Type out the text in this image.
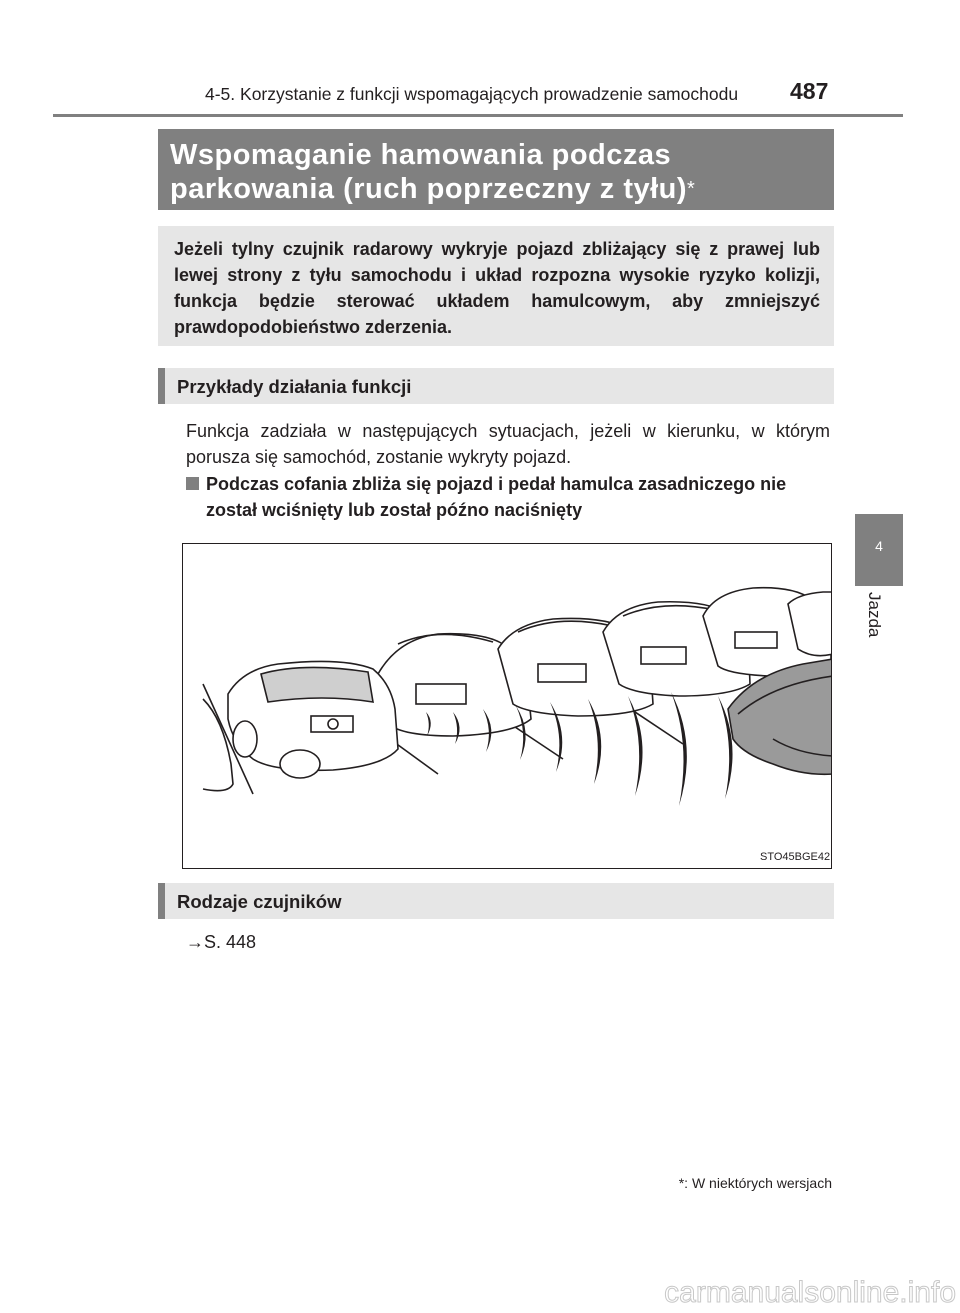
4-5. Korzystanie z funkcji wspomagających prowadzenie samochodu 487
4
Jazda
Wspomaganie hamowania podczas
parkowania (ruch poprzeczny z tyłu)*
Jeżeli tylny czujnik radarowy wykryje pojazd zbliżający się z prawej lub lewej strony z tyłu samochodu i układ rozpozna wysokie ryzyko kolizji, funkcja będzie sterować układem hamulcowym, aby zmniejszyć prawdopodobieństwo zderzenia.
Przykłady działania funkcji
Funkcja zadziała w następujących sytuacjach, jeżeli w kierunku, w którym porusza się samochód, zostanie wykryty pojazd.
Podczas cofania zbliża się pojazd i pedał hamulca zasadniczego nie został wciśnięty lub został późno naciśnięty
STO45BGE42
Rodzaje czujników
→S. 448
*: W niektórych wersjach
carmanualsonline.info
